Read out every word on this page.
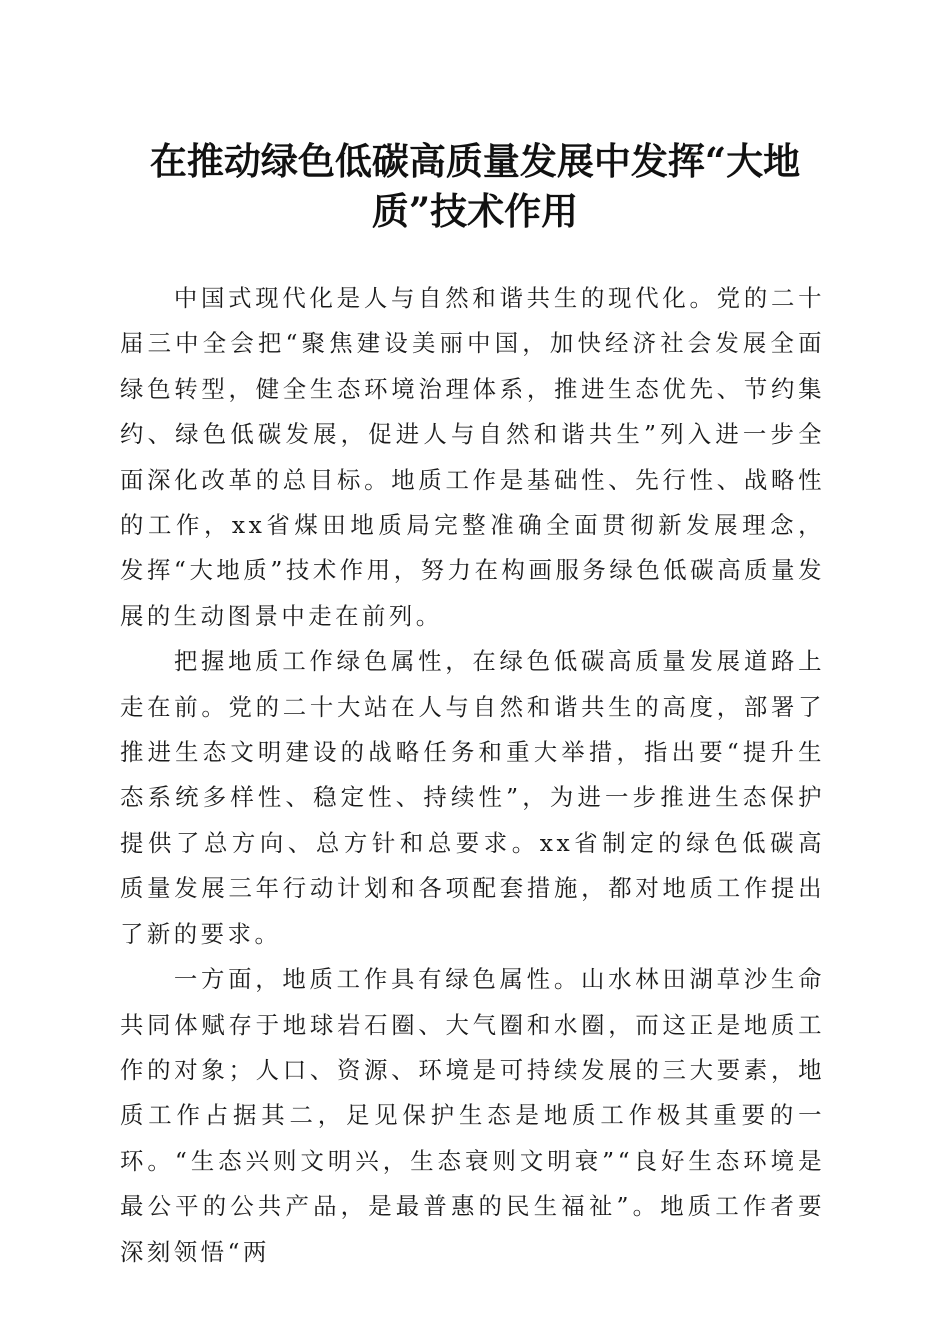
在推动绿色低碳高质量发展中发挥“大地
质”技术作用

中国式现代化是人与自然和谐共生的现代化。党的二十届三中全会把“聚焦建设美丽中国，加快经济社会发展全面绿色转型，健全生态环境治理体系，推进生态优先、节约集约、绿色低碳发展，促进人与自然和谐共生”列入进一步全面深化改革的总目标。地质工作是基础性、先行性、战略性的工作，xx省煤田地质局完整准确全面贯彻新发展理念，发挥“大地质”技术作用，努力在构画服务绿色低碳高质量发展的生动图景中走在前列。

把握地质工作绿色属性，在绿色低碳高质量发展道路上走在前。党的二十大站在人与自然和谐共生的高度，部署了推进生态文明建设的战略任务和重大举措，指出要“提升生态系统多样性、稳定性、持续性”，为进一步推进生态保护提供了总方向、总方针和总要求。xx省制定的绿色低碳高质量发展三年行动计划和各项配套措施，都对地质工作提出了新的要求。

一方面，地质工作具有绿色属性。山水林田湖草沙生命共同体赋存于地球岩石圈、大气圈和水圈，而这正是地质工作的对象；人口、资源、环境是可持续发展的三大要素，地质工作占据其二，足见保护生态是地质工作极其重要的一环。“生态兴则文明兴，生态衰则文明衰”“良好生态环境是最公平的公共产品，是最普惠的民生福祉”。地质工作者要深刻领悟“两
